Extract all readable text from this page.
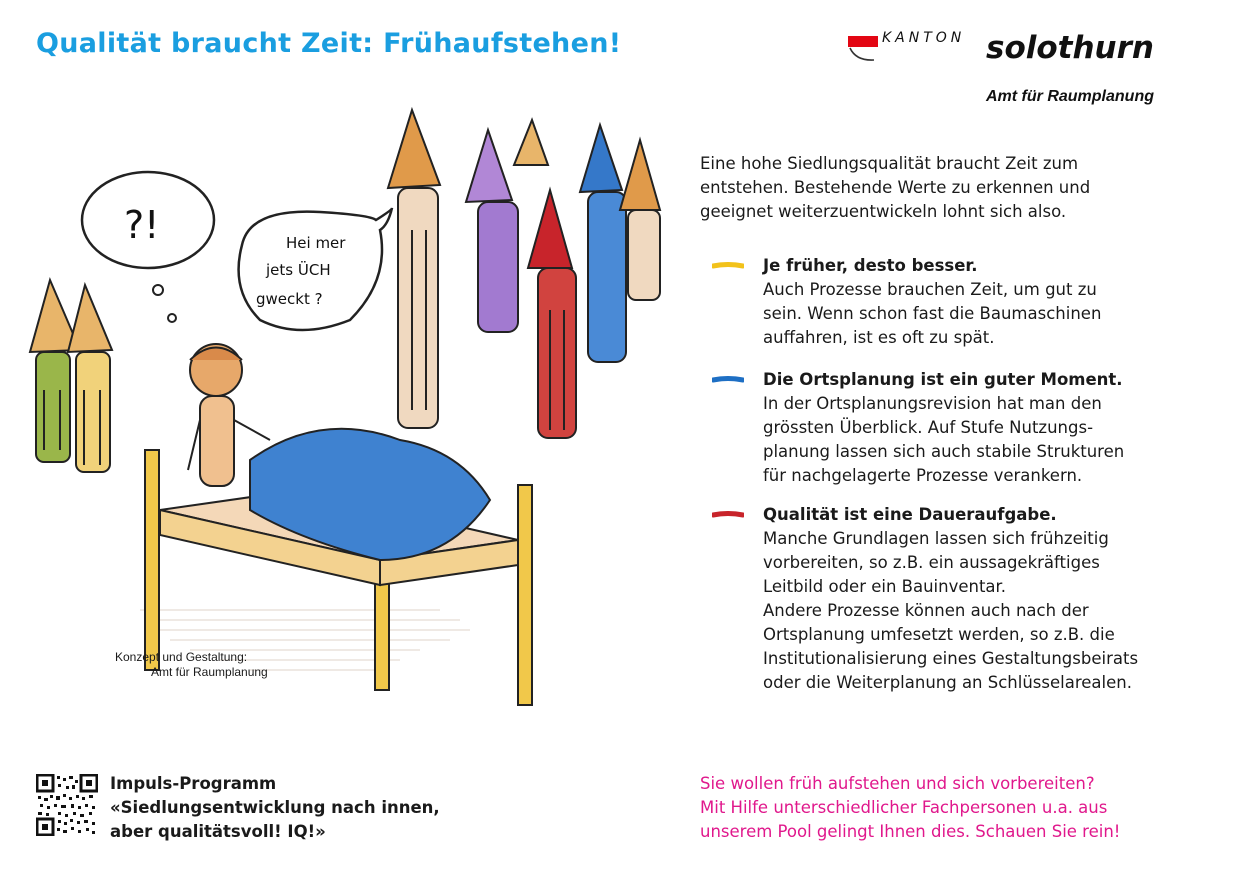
Qualität braucht Zeit: Frühaufstehen!	KANTON solothurn
Amt für Raumplanung
?!	Hei mer
jets ÜCH
gweckt ?
Eine hohe Siedlungsqualität braucht Zeit zum
entstehen. Bestehende Werte zu erkennen und
geeignet weiterzuentwickeln lohnt sich also.
Je früher, desto besser.
Auch Prozesse brauchen Zeit, um gut zu
sein. Wenn schon fast die Baumaschinen
auffahren, ist es oft zu spät.
Die Ortsplanung ist ein guter Moment.
In der Ortsplanungsrevision hat man den
grössten Überblick. Auf Stufe Nutzungs-
planung lassen sich auch stabile Strukturen
für nachgelagerte Prozesse verankern.
Qualität ist eine Daueraufgabe.
Manche Grundlagen lassen sich frühzeitig
vorbereiten, so z.B. ein aussagekräftiges
Leitbild oder ein Bauinventar.
Andere Prozesse können auch nach der
Ortsplanung umfesetzt werden, so z.B. die
Institutionalisierung eines Gestaltungsbeirats
oder die Weiterplanung an Schlüsselarealen.
Konzept und Gestaltung:
Amt für Raumplanung
Impuls-Programm
«Siedlungsentwicklung nach innen,
aber qualitätsvoll! IQ!»
Sie wollen früh aufstehen und sich vorbereiten?
Mit Hilfe unterschiedlicher Fachpersonen u.a. aus
unserem Pool gelingt Ihnen dies. Schauen Sie rein!
